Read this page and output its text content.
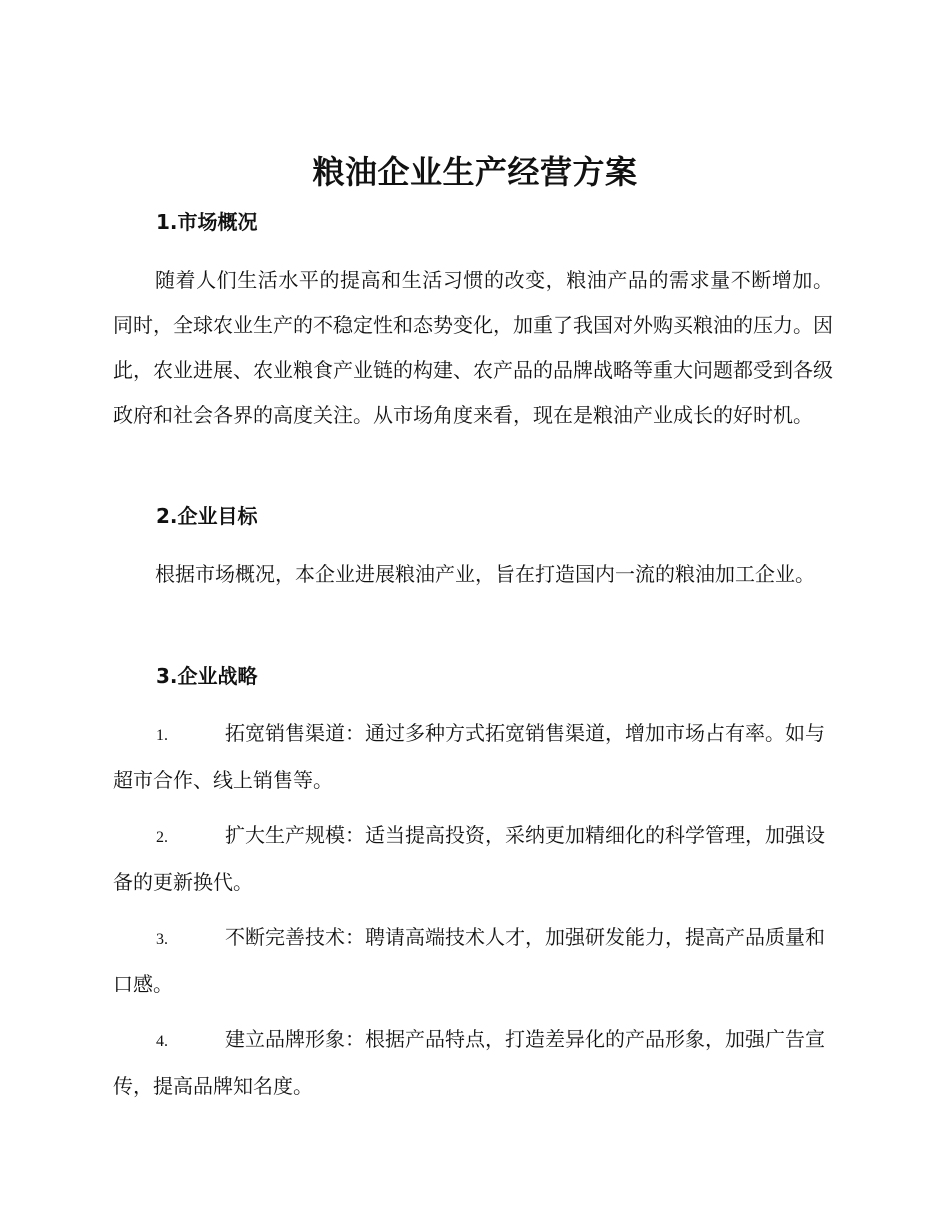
粮油企业生产经营方案
1.市场概况

随着人们生活水平的提高和生活习惯的改变，粮油产品的需求量不断增加。同时，全球农业生产的不稳定性和态势变化，加重了我国对外购买粮油的压力。因此，农业进展、农业粮食产业链的构建、农产品的品牌战略等重大问题都受到各级政府和社会各界的高度关注。从市场角度来看，现在是粮油产业成长的好时机。

2.企业目标

根据市场概况，本企业进展粮油产业，旨在打造国内一流的粮油加工企业。

3.企业战略

1.	拓宽销售渠道：通过多种方式拓宽销售渠道，增加市场占有率。如与超市合作、线上销售等。

2.	扩大生产规模：适当提高投资，采纳更加精细化的科学管理，加强设备的更新换代。

3.	不断完善技术：聘请高端技术人才，加强研发能力，提高产品质量和口感。

4.	建立品牌形象：根据产品特点，打造差异化的产品形象，加强广告宣传，提高品牌知名度。
